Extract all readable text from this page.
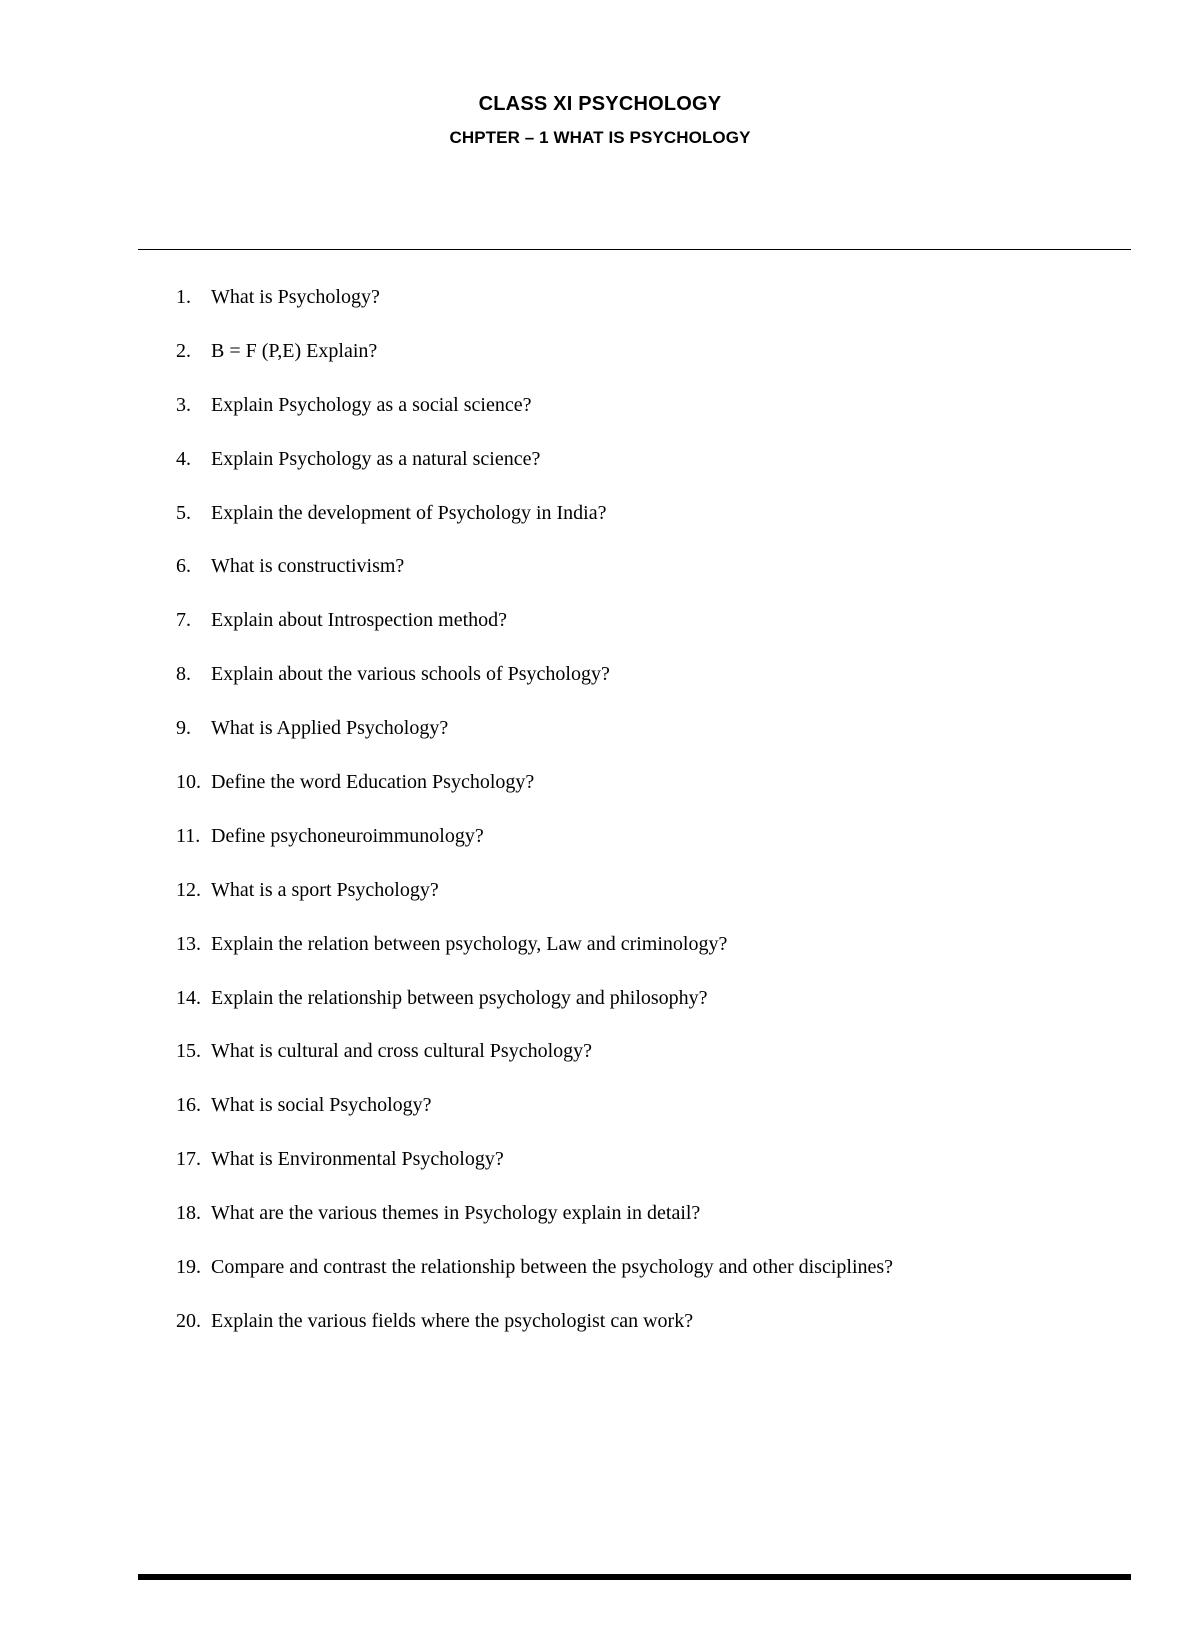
CLASS XI PSYCHOLOGY
CHPTER – 1 WHAT IS PSYCHOLOGY
1. What is Psychology?
2. B = F (P,E) Explain?
3. Explain Psychology as a social science?
4. Explain Psychology as a natural science?
5. Explain the development of Psychology in India?
6. What is constructivism?
7. Explain about Introspection method?
8. Explain about the various schools of Psychology?
9. What is Applied Psychology?
10. Define the word Education Psychology?
11. Define psychoneuroimmunology?
12. What is a sport Psychology?
13. Explain the relation between psychology, Law and criminology?
14. Explain the relationship between psychology and philosophy?
15. What is cultural and cross cultural Psychology?
16. What is social Psychology?
17. What is Environmental Psychology?
18. What are the various themes in Psychology explain in detail?
19. Compare and contrast the relationship between the psychology and other disciplines?
20. Explain the various fields where the psychologist can work?
